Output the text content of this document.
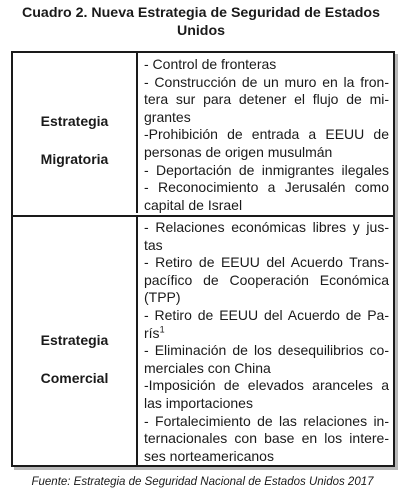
Cuadro 2. Nueva Estrategia de Seguridad de Estados
Unidos
Estrategia
Migratoria
- Control de fronteras
- Construcción de un muro en la fron-
tera sur para detener el flujo de mi-
grantes
-Prohibición de entrada a EEUU de
personas de origen musulmán
- Deportación de inmigrantes ilegales
- Reconocimiento a Jerusalén como
capital de Israel
Estrategia
Comercial
- Relaciones económicas libres y jus-
tas
- Retiro de EEUU del Acuerdo Trans-
pacífico de Cooperación Económica
(TPP)
- Retiro de EEUU del Acuerdo de Pa-
rís$^1$
- Eliminación de los desequilibrios co-
merciales con China
-Imposición de elevados aranceles a
las importaciones
- Fortalecimiento de las relaciones in-
ternacionales con base en los intere-
ses norteamericanos
Fuente: Estrategia de Seguridad Nacional de Estados Unidos 2017
